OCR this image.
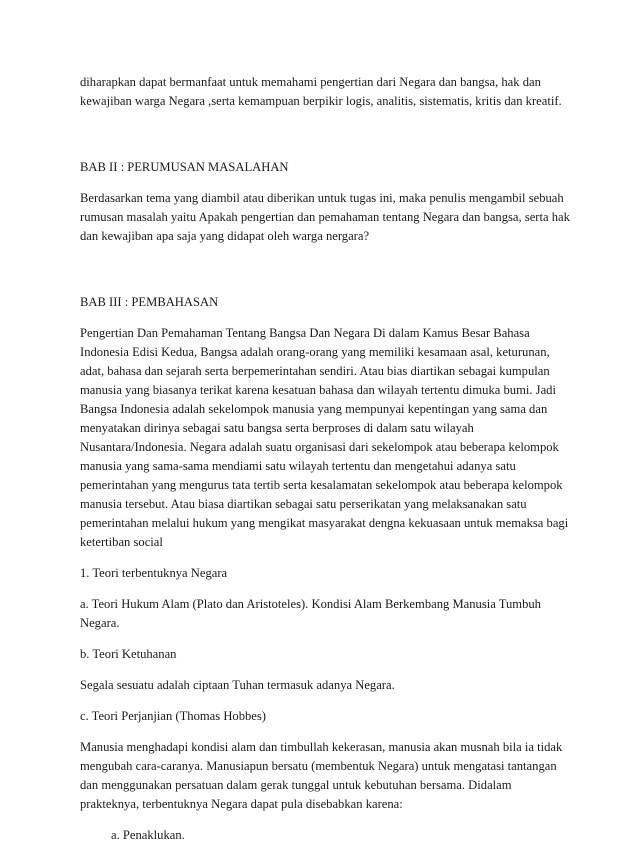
diharapkan dapat bermanfaat untuk memahami pengertian dari Negara dan bangsa, hak dan
kewajiban warga Negara ,serta kemampuan berpikir logis, analitis, sistematis, kritis dan kreatif.
BAB II : PERUMUSAN MASALAHAN
Berdasarkan tema yang diambil atau diberikan untuk tugas ini, maka penulis mengambil sebuah
rumusan masalah yaitu Apakah pengertian dan pemahaman tentang Negara dan bangsa, serta hak
dan kewajiban apa saja yang didapat oleh warga nergara?
BAB III : PEMBAHASAN
Pengertian Dan Pemahaman Tentang Bangsa Dan Negara Di dalam Kamus Besar Bahasa
Indonesia Edisi Kedua, Bangsa adalah orang-orang yang memiliki kesamaan asal, keturunan,
adat, bahasa dan sejarah serta berpemerintahan sendiri. Atau bias diartikan sebagai kumpulan
manusia yang biasanya terikat karena kesatuan bahasa dan wilayah tertentu dimuka bumi. Jadi
Bangsa Indonesia adalah sekelompok manusia yang mempunyai kepentingan yang sama dan
menyatakan dirinya sebagai satu bangsa serta berproses di dalam satu wilayah
Nusantara/Indonesia. Negara adalah suatu organisasi dari sekelompok atau beberapa kelompok
manusia yang sama-sama mendiami satu wilayah tertentu dan mengetahui adanya satu
pemerintahan yang mengurus tata tertib serta kesalamatan sekelompok atau beberapa kelompok
manusia tersebut. Atau biasa diartikan sebagai satu perserikatan yang melaksanakan satu
pemerintahan melalui hukum yang mengikat masyarakat dengna kekuasaan untuk memaksa bagi
ketertiban social
1. Teori terbentuknya Negara
a. Teori Hukum Alam (Plato dan Aristoteles). Kondisi Alam Berkembang Manusia Tumbuh
Negara.
b. Teori Ketuhanan
Segala sesuatu adalah ciptaan Tuhan termasuk adanya Negara.
c. Teori Perjanjian (Thomas Hobbes)
Manusia menghadapi kondisi alam dan timbullah kekerasan, manusia akan musnah bila ia tidak
mengubah cara-caranya. Manusiapun bersatu (membentuk Negara) untuk mengatasi tantangan
dan menggunakan persatuan dalam gerak tunggal untuk kebutuhan bersama. Didalam
prakteknya, terbentuknya Negara dapat pula disebabkan karena:
a. Penaklukan.
